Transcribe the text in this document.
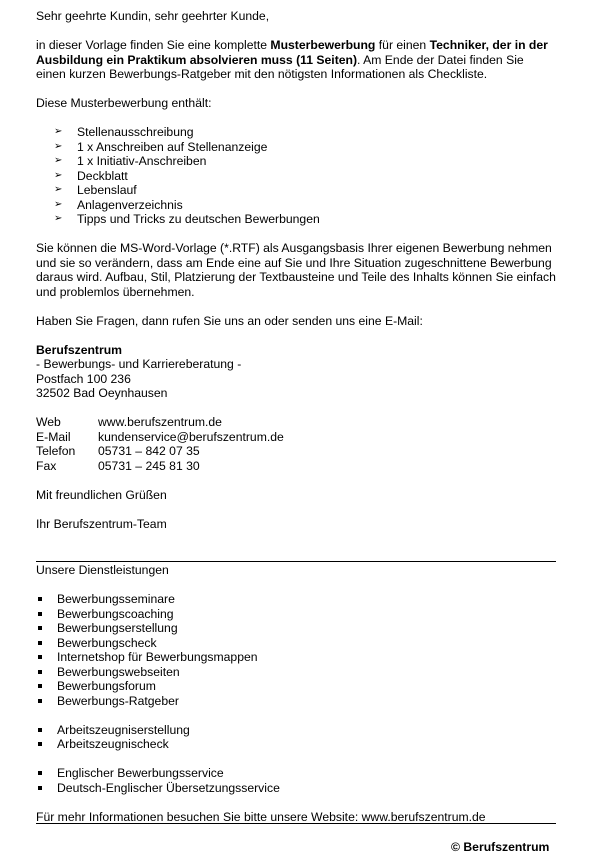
Sehr geehrte Kundin, sehr geehrter Kunde,

in dieser Vorlage finden Sie eine komplette Musterbewerbung für einen Techniker, der in der Ausbildung ein Praktikum absolvieren muss (11 Seiten). Am Ende der Datei finden Sie einen kurzen Bewerbungs-Ratgeber mit den nötigsten Informationen als Checkliste.

Diese Musterbewerbung enthält:

➢ Stellenausschreibung
➢ 1 x Anschreiben auf Stellenanzeige
➢ 1 x Initiativ-Anschreiben
➢ Deckblatt
➢ Lebenslauf
➢ Anlagenverzeichnis
➢ Tipps und Tricks zu deutschen Bewerbungen

Sie können die MS-Word-Vorlage (*.RTF) als Ausgangsbasis Ihrer eigenen Bewerbung nehmen und sie so verändern, dass am Ende eine auf Sie und Ihre Situation zugeschnittene Bewerbung daraus wird. Aufbau, Stil, Platzierung der Textbausteine und Teile des Inhalts können Sie einfach und problemlos übernehmen.

Haben Sie Fragen, dann rufen Sie uns an oder senden uns eine E-Mail:

Berufszentrum

- Bewerbungs- und Karriereberatung -

Postfach 100 236

32502 Bad Oeynhausen

Web	www.berufszentrum.de
E-Mail	kundenservice@berufszentrum.de
Telefon	05731 – 842 07 35
Fax	05731 – 245 81 30

Mit freundlichen Grüßen

Ihr Berufszentrum-Team

Unsere Dienstleistungen

Bewerbungsseminare
Bewerbungscoaching
Bewerbungserstellung
Bewerbungscheck
Internetshop für Bewerbungsmappen
Bewerbungswebseiten
Bewerbungsforum
Bewerbungs-Ratgeber
Arbeitszeugniserstellung
Arbeitszeugnischeck
Englischer Bewerbungsservice
Deutsch-Englischer Übersetzungsservice

Für mehr Informationen besuchen Sie bitte unsere Website: www.berufszentrum.de

© Berufszentrum
